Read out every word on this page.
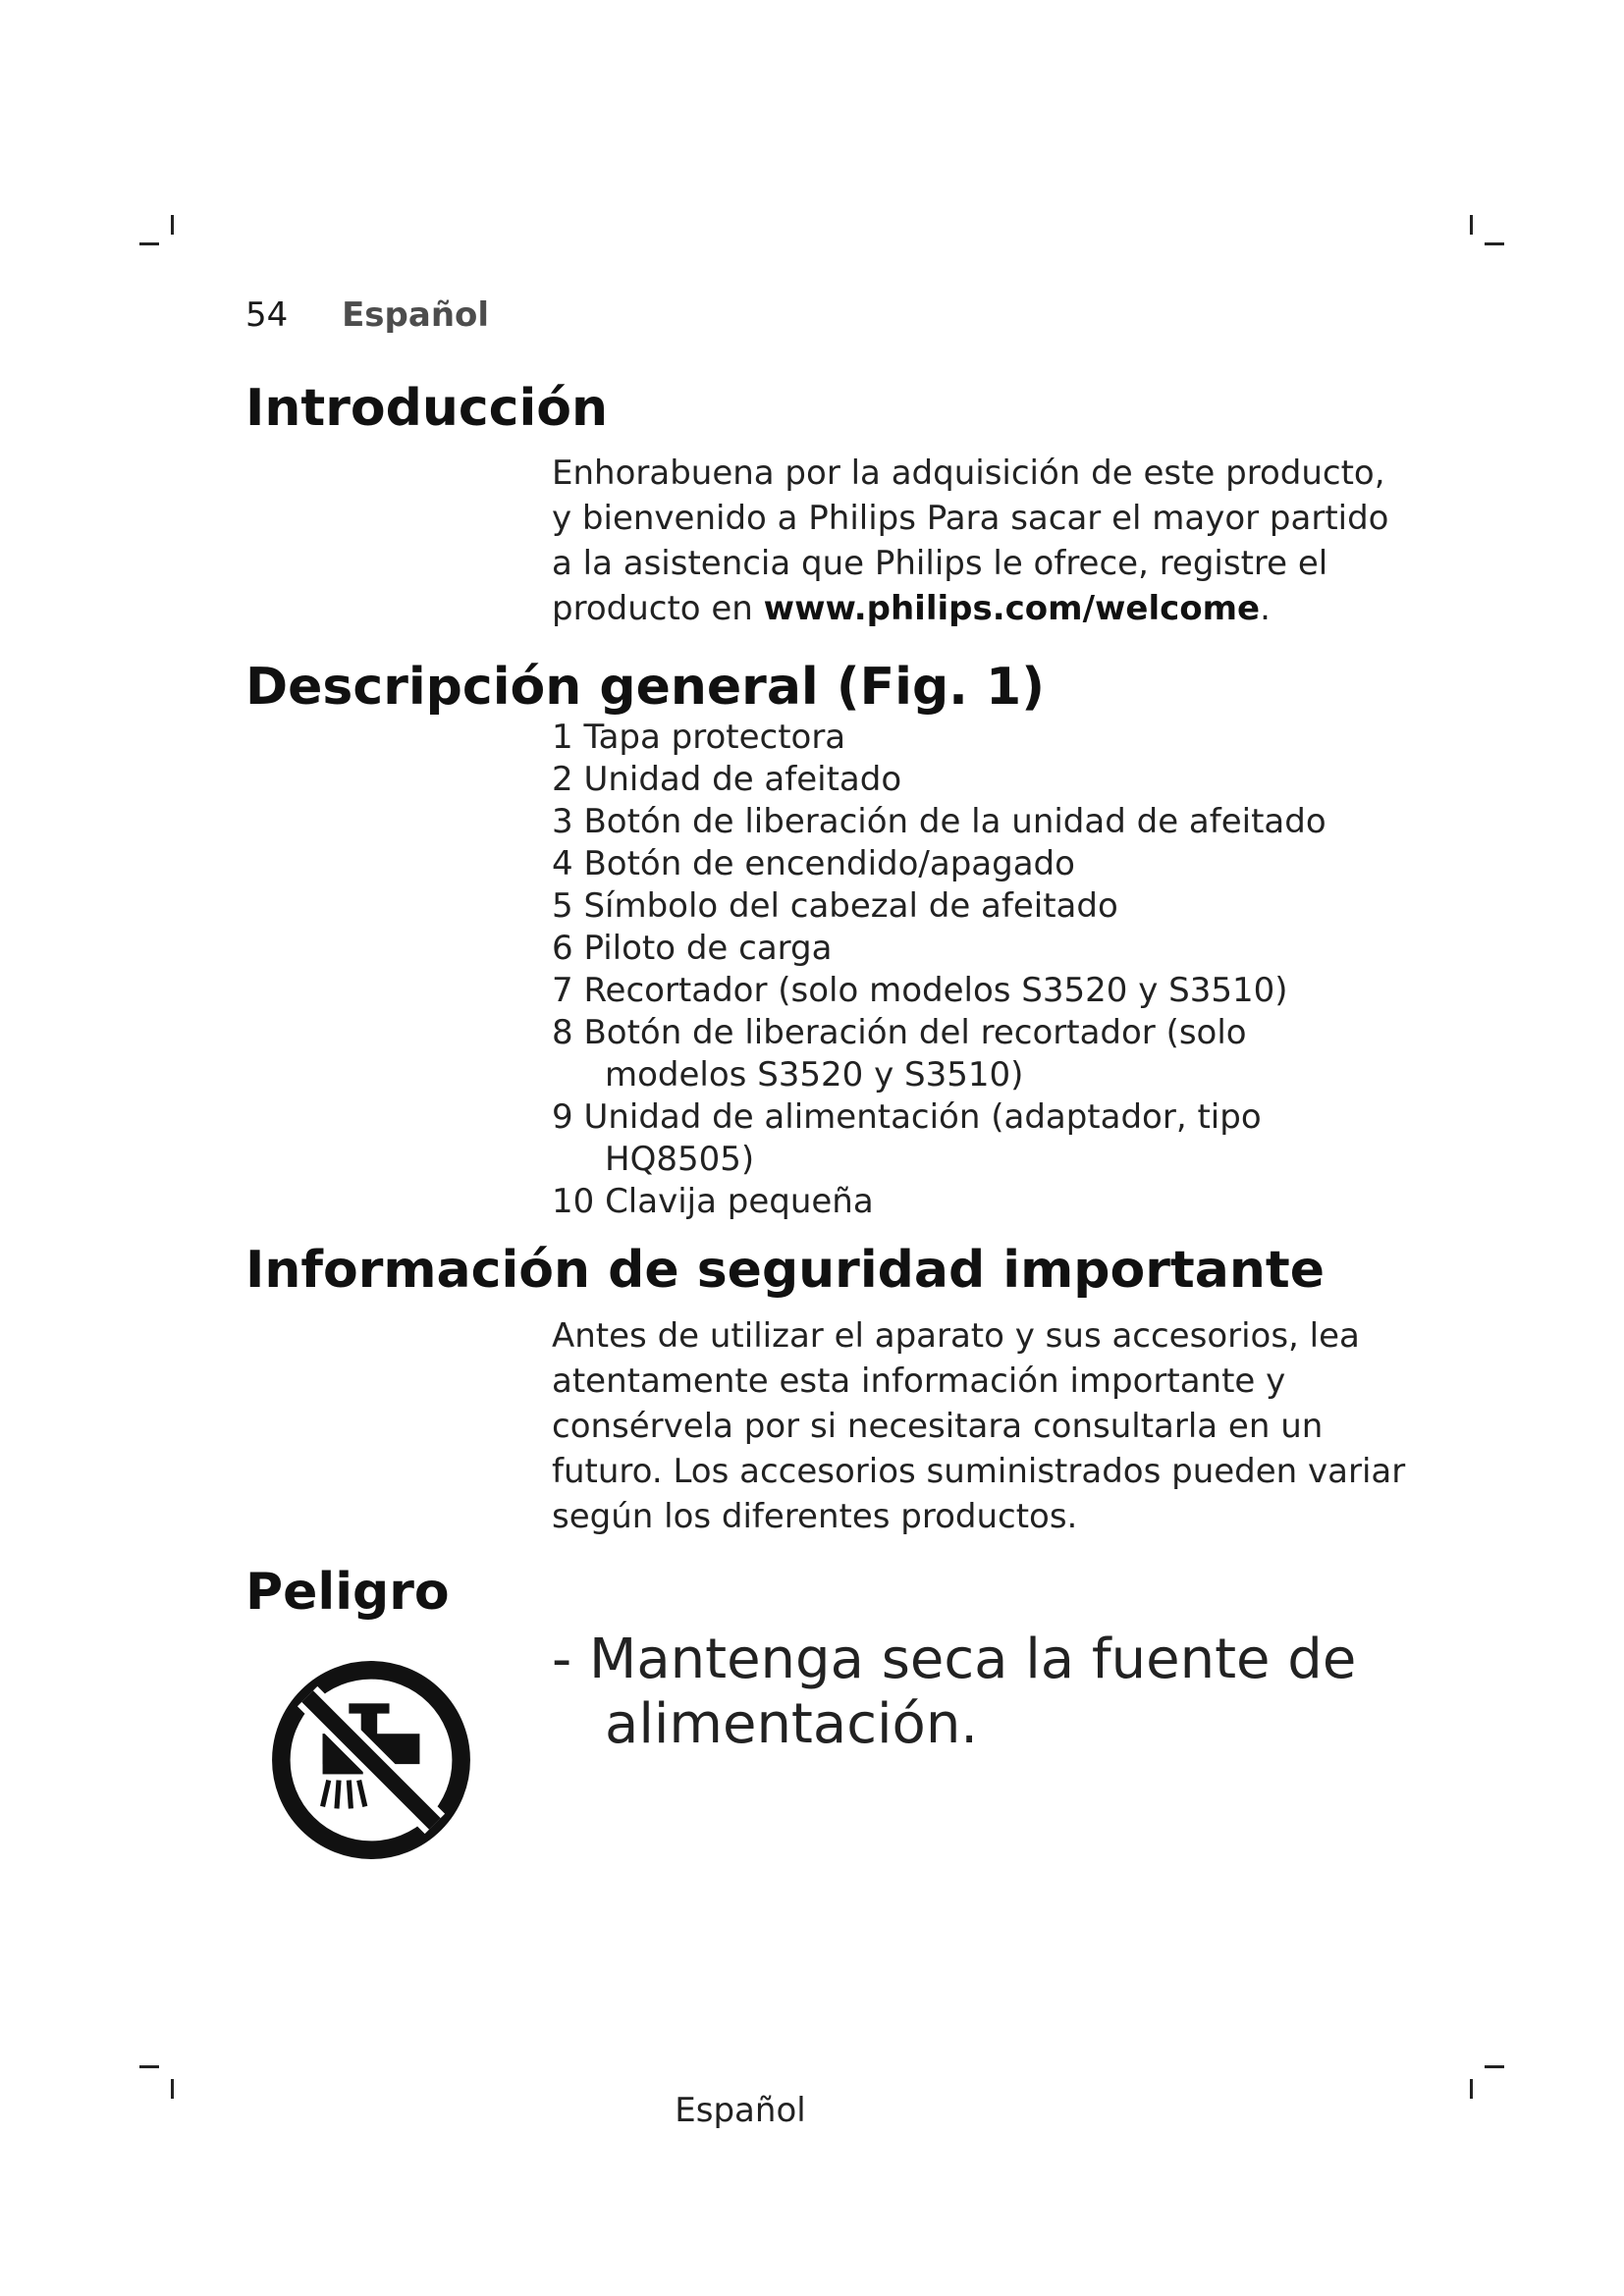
54 Español
Introducción

Enhorabuena por la adquisición de este producto,
y bienvenido a Philips Para sacar el mayor partido
a la asistencia que Philips le ofrece, registre el
producto en www.philips.com/welcome.

Descripción general (Fig. 1)
1 Tapa protectora
2 Unidad de afeitado
3 Botón de liberación de la unidad de afeitado
4 Botón de encendido/apagado
5 Símbolo del cabezal de afeitado
6 Piloto de carga
7 Recortador (solo modelos S3520 y S3510)
8 Botón de liberación del recortador (solo
modelos S3520 y S3510)
9 Unidad de alimentación (adaptador, tipo
HQ8505)
10 Clavija pequeña
Información de seguridad importante

Antes de utilizar el aparato y sus accesorios, lea
atentamente esta información importante y
consérvela por si necesitara consultarla en un
futuro. Los accesorios suministrados pueden variar
según los diferentes productos.

Peligro
- Mantenga seca la fuente de
alimentación.
Español
